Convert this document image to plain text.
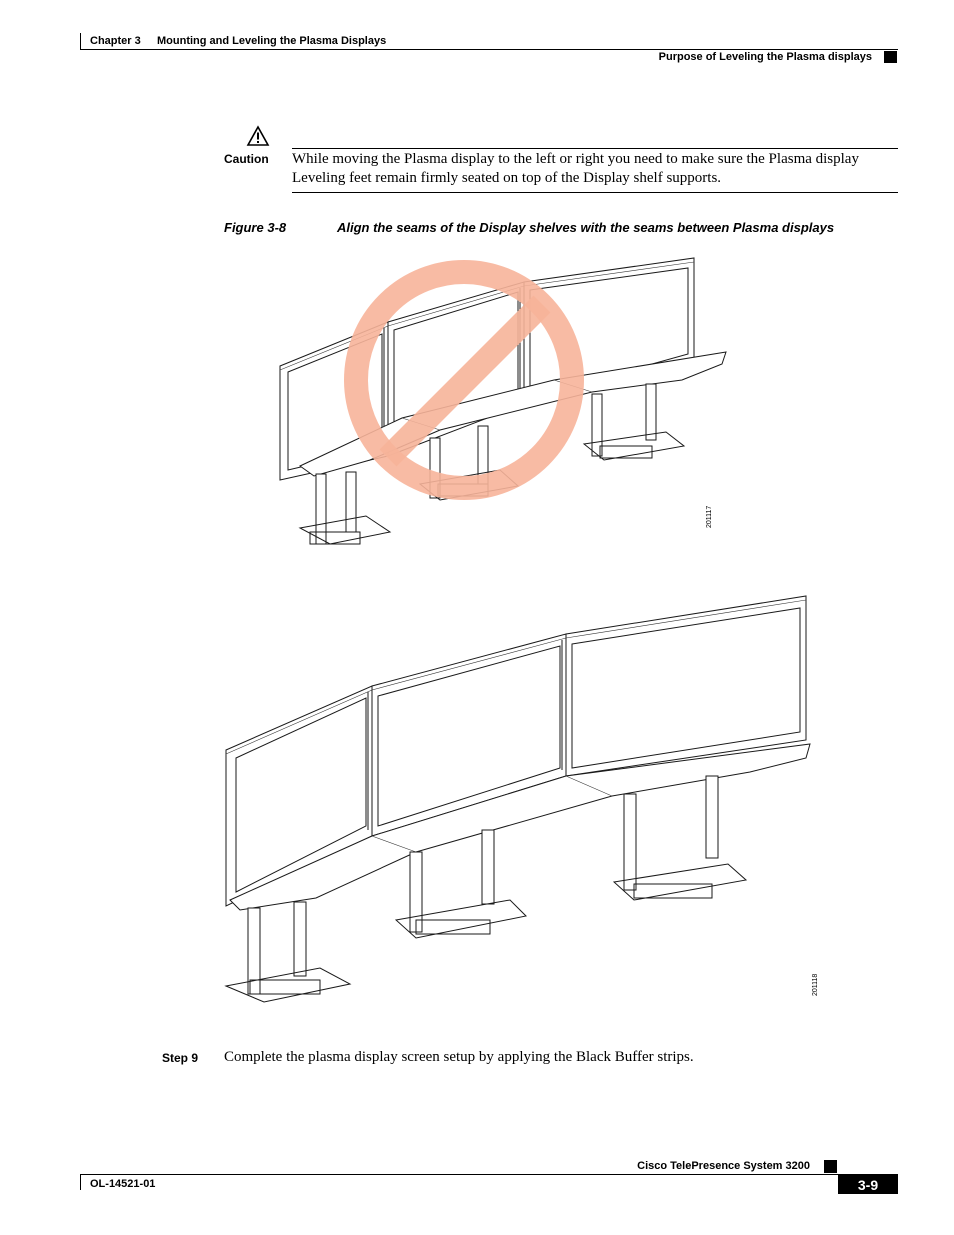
Chapter 3 Mounting and Leveling the Plasma Displays
Purpose of Leveling the Plasma displays
Caution While moving the Plasma display to the left or right you need to make sure the Plasma display Leveling feet remain firmly seated on top of the Display shelf supports.
Figure 3-8	Align the seams of the Display shelves with the seams between Plasma displays
201117
201118
Step 9 Complete the plasma display screen setup by applying the Black Buffer strips.
Cisco TelePresence System 3200
OL-14521-01	3-9
